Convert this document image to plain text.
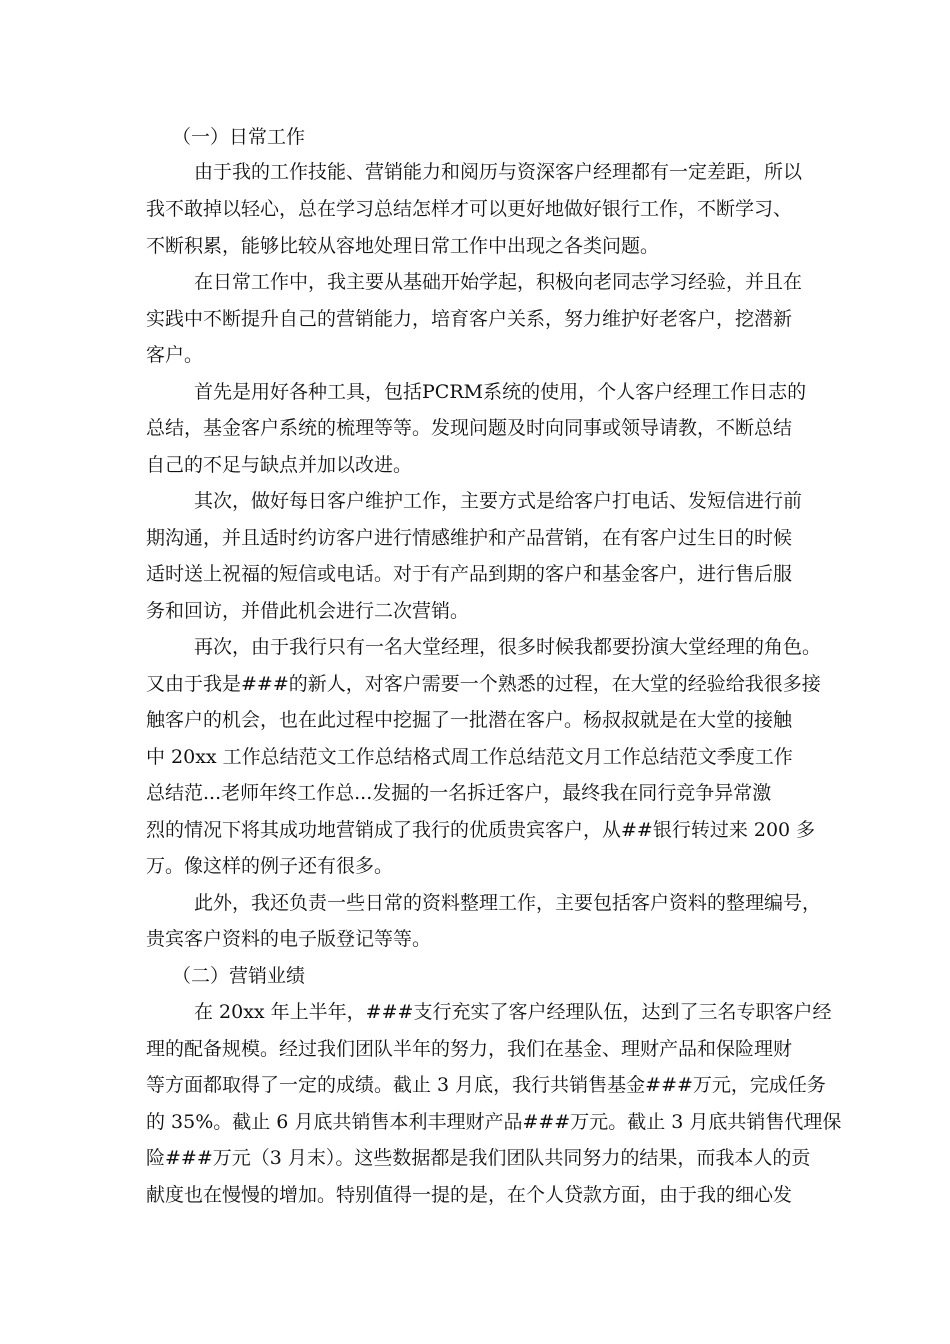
（一）日常工作
由于我的工作技能、营销能力和阅历与资深客户经理都有一定差距，所以
我不敢掉以轻心，总在学习总结怎样才可以更好地做好银行工作，不断学习、
不断积累，能够比较从容地处理日常工作中出现之各类问题。
在日常工作中，我主要从基础开始学起，积极向老同志学习经验，并且在
实践中不断提升自己的营销能力，培育客户关系，努力维护好老客户，挖潜新
客户。
首先是用好各种工具，包括PCRM系统的使用，个人客户经理工作日志的
总结，基金客户系统的梳理等等。发现问题及时向同事或领导请教，不断总结
自己的不足与缺点并加以改进。
其次，做好每日客户维护工作，主要方式是给客户打电话、发短信进行前
期沟通，并且适时约访客户进行情感维护和产品营销，在有客户过生日的时候
适时送上祝福的短信或电话。对于有产品到期的客户和基金客户，进行售后服
务和回访，并借此机会进行二次营销。
再次，由于我行只有一名大堂经理，很多时候我都要扮演大堂经理的角色。
又由于我是###的新人，对客户需要一个熟悉的过程，在大堂的经验给我很多接
触客户的机会，也在此过程中挖掘了一批潜在客户。杨叔叔就是在大堂的接触
中 20xx 工作总结范文工作总结格式周工作总结范文月工作总结范文季度工作
总结范...老师年终工作总...发掘的一名拆迁客户，最终我在同行竞争异常激
烈的情况下将其成功地营销成了我行的优质贵宾客户，从##银行转过来 200 多
万。像这样的例子还有很多。
此外，我还负责一些日常的资料整理工作，主要包括客户资料的整理编号，
贵宾客户资料的电子版登记等等。
（二）营销业绩
在 20xx 年上半年，###支行充实了客户经理队伍，达到了三名专职客户经
理的配备规模。经过我们团队半年的努力，我们在基金、理财产品和保险理财
等方面都取得了一定的成绩。截止 3 月底，我行共销售基金###万元，完成任务
的 35%。截止 6 月底共销售本利丰理财产品###万元。截止 3 月底共销售代理保
险###万元（3 月末）。这些数据都是我们团队共同努力的结果，而我本人的贡
献度也在慢慢的增加。特别值得一提的是，在个人贷款方面，由于我的细心发
